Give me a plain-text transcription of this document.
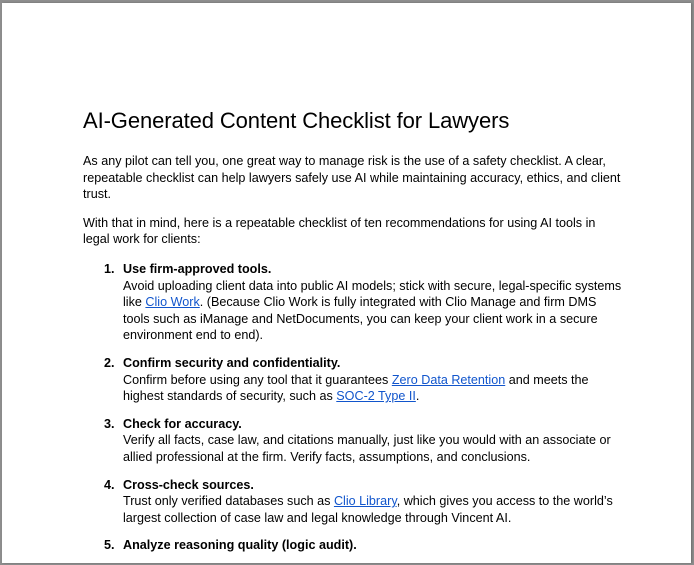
AI-Generated Content Checklist for Lawyers

As any pilot can tell you, one great way to manage risk is the use of a safety checklist. A clear, repeatable checklist can help lawyers safely use AI while maintaining accuracy, ethics, and client trust.

With that in mind, here is a repeatable checklist of ten recommendations for using AI tools in legal work for clients:

1. Use firm-approved tools.
Avoid uploading client data into public AI models; stick with secure, legal-specific systems like Clio Work. (Because Clio Work is fully integrated with Clio Manage and firm DMS tools such as iManage and NetDocuments, you can keep your client work in a secure environment end to end).
2. Confirm security and confidentiality.
Confirm before using any tool that it guarantees Zero Data Retention and meets the highest standards of security, such as SOC-2 Type II.
3. Check for accuracy.
Verify all facts, case law, and citations manually, just like you would with an associate or allied professional at the firm. Verify facts, assumptions, and conclusions.
4. Cross-check sources.
Trust only verified databases such as Clio Library, which gives you access to the world’s largest collection of case law and legal knowledge through Vincent AI.
5. Analyze reasoning quality (logic audit).
